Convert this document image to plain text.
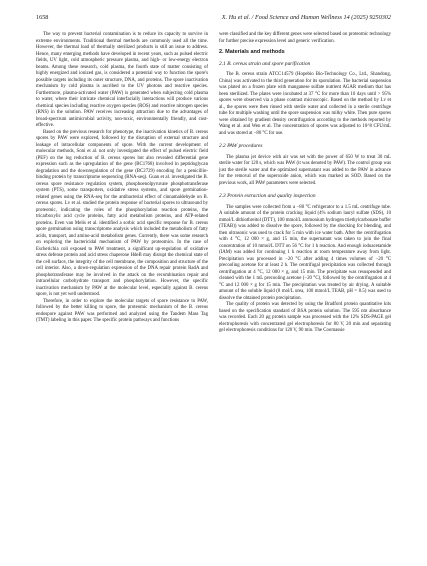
1658	X. Hu et al. / Food Science and Human Wellness 14 (2025) 9250302

The way to prevent bacterial contamination is to reduce its capacity to survive in extreme environments. Traditional thermal methods are commonly used all the time. However, the thermal load of thermally sterilized products is still an issue to address. Hence, many emerging methods have developed in recent years, such as pulsed electric fields, UV light, cold atmospheric pressure plasma, and high- or low-energy electron beams. Among these research, cold plasma, the fourth state of matter consisting of highly energized and ionized gas, is considered a potential way to function the spore's possible targets including its outer structure, DNA, and proteins. The spore inactivation mechanism by cold plasma is ascribed to the UV photons and reactive species. Furthermore, plasma-activated water (PAW) is generated when subjecting cold plasma to water, where their intricate chemical interfacially interactions will produce various chemical species including reactive oxygen species (ROS) and reactive nitrogen species (RNS) in the solution. PAW receives increasing attraction due to the advantages of broad-spectrum antimicrobial activity, non-toxic, environmentally friendly, and cost-effective.

Based on the previous research for phenotype, the inactivation kinetics of B. cereus spores by PAW were explored, followed by the disruption of external structure and leakage of intracellular components of spore. With the current development of molecular methods, Soni et al. not only investigated the effect of pulsed electric field (PEF) on the log reduction of B. cereus spores but also revealed differential gene expression such as the upregulation of the gene (BC1768) involved in peptidoglycan degradation and the downregulation of the gene (BC2729) encoding for a penicillin-binding protein by transcriptome sequencing (RNA-seq). Guan et al. investigated the B. cereus spore resistance regulation system, phosphoenolpyruvate phosphotransferase system (PTS), some transporters, oxidative stress systems, and spore germination-related genes using the RNA-seq for the antibacterial effect of cinnamaldehyde on B. cereus spores. Lv et al. studied the protein response of bacterial spores to ultrasound by proteomic, indicating the roles of the phosphorylation reaction proteins, the tricarboxylic acid cycle proteins, fatty acid metabolism proteins, and ATP-related proteins. Even van Melis et al. identified a sorbic acid specific response for B. cereus spore germination using transcriptome analysis which included the metabolism of fatty acids, transport, and amino-acid metabolism genes. Currently, there was some research on exploring the bactericidal mechanism of PAW by proteomics. In the case of Escherichia coli exposed to PAW treatment, a significant up-regulation of oxidative stress defense protein and acid stress chaperone HdeB may disrupt the chemical state of the cell surface, the integrity of the cell membrane, the composition and structure of the cell interior. Also, a down-regulation expression of the DNA repair protein RadA and phosphotransferase may be involved in the attack on the recombination repair and intracellular carbohydrate transport and phosphorylation. However, the specific inactivation mechanism by PAW at the molecular level, especially against B. cereus spore, is not yet well understood.

Therefore, in order to explore the molecular targets of spore resistance to PAW, followed by the better killing to spore, the proteomic mechanism of the B. cereus endospore against PAW was performed and analyzed using the Tandem Mass Tag (TMT) labeling in this paper. The specific protein pathways and functions

were classified and the key different genes were selected based on proteomic technology for further precise expression level and generic verification.

2. Materials and methods
2.1 B. cereus strain and spore purification

The B. cereus strain ATCC14579 (Hopebio Bio-Technology Co., Ltd., Shandong, China) was activated to the third generation for its sporulation. The bacterial suspension was plated on a frozen plate with manganese sulfate nutrient AGAR medium that has been sterilized. The plates were incubated at 37 °C for more than 10 days until > 95% spores were observed via a phase contrast microscopic. Based on the method by Lv et al., the spores were then rinsed with sterile water and collected in a sterile centrifuge tube for multiple washing until the spore suspension was milky white. Then pure spores were obtained by gradient density centrifugation according to the methods reported by Wang et al. and Wen et al. The concentration of spores was adjusted to 10^8 CFU/mL and was stored at −80 °C for use.

2.2 PAW procedures

The plasma jet device with air was set with the power of 650 W to treat 30 mL sterile water for 120 s, which was PAW (it was denoted by PAW). The control group was just the sterile water and the optimized supernatant was added to the PAW in advance for the removal of the superoxide anion, which was marked as SOD. Based on the previous work, all PAW parameters were selected.

2.3 Protein extraction and quality inspection

The samples were collected from a −80 °C refrigerator to a 1.5 mL centrifuge tube. A suitable amount of the protein cracking liquid (4% sodium lauryl sulfate (SDS), 10 mmol/L dithiothreitol (DTT), 100 mmol/L ammonium hydrogen triethylcarbonate buffer (TEAB)) was added to dissolve the spore, followed by the shocking for blending, and then ultrasonic was used to crack for 5 min with ice water bath. After the centrifugation with 4 °C, 12 000 × g, and 15 min, the supernatant was taken to join the final concentration of 10 mmol/L DTT on 56 °C for 1 h reaction. And enough iodoacetamide (IAM) was added for continuing 1 h reaction at room temperature away from light. Precipitation was processed in −20 °C after adding 4 times volumes of −20 °C precooling acetone for at least 2 h. The centrifugal precipitation was collected through centrifugation at 4 °C, 12 000 × g, and 15 min. The precipitate was resuspended and cleaned with the 1 mL precooling acetone (−20 °C), followed by the centrifugation at 4 °C and 12 000 × g for 15 min. The precipitation was treated by air drying. A suitable amount of the soluble liquid (8 mol/L urea, 100 mmol/L TEAB, pH = 8.5) was used to dissolve the obtained protein precipitation.

The quality of protein was detected by using the Bradford protein quantitative kits based on the specification standard of BSA protein solution. The 595 nm absorbance was recorded. Each 20 μg protein sample was processed with the 12% SDS-PAGE gel electrophoresis with concentrated gel electrophoresis for 80 V, 20 min and separating gel electrophoresis conditions for 120 V, 90 min. The Coomassie
